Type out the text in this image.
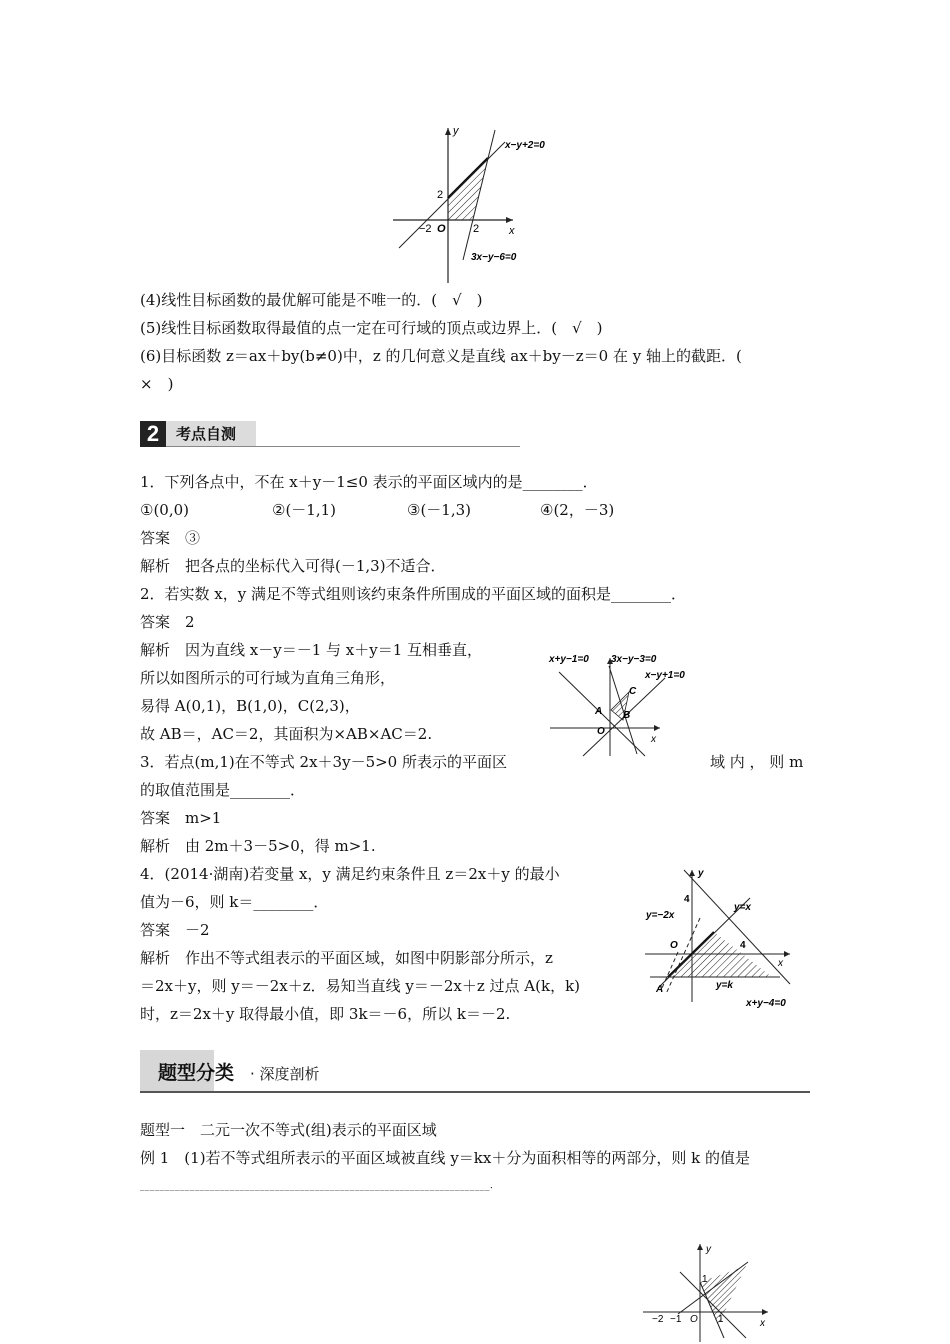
y
x
x−y+2=0
3x−y−6=0
2
−2 O 2
(4)线性目标函数的最优解可能是不唯一的．(　√　)
(5)线性目标函数取得最值的点一定在可行域的顶点或边界上．(　√　)
(6)目标函数 z＝ax＋by(b≠0)中，z 的几何意义是直线 ax＋by－z＝0 在 y 轴上的截距．(
×　)
2	考点自测
1．下列各点中，不在 x＋y－1≤0 表示的平面区域内的是________．
①(0,0)	②(－1,1)	③(－1,3)	④(2，－3)
答案　③
解析　把各点的坐标代入可得(－1,3)不适合．
2．若实数 x，y 满足不等式组则该约束条件所围成的平面区域的面积是________．
答案　2
解析　因为直线 x－y＝－1 与 x＋y＝1 互相垂直，
所以如图所示的可行域为直角三角形，
易得 A(0,1)，B(1,0)，C(2,3)，
故 AB＝，AC＝2，其面积为×AB×AC＝2.
x+y−1=0 3x−y−3=0
x−y+1=0
C
A B
O
x
3．若点(m,1)在不等式 2x＋3y－5>0 所表示的平面区	域 内 ， 则 m
的取值范围是________．
答案　m>1
解析　由 2m＋3－5>0，得 m>1.
4．(2014·湖南)若变量 x，y 满足约束条件且 z＝2x＋y 的最小
值为－6，则 k＝________．
答案　－2
解析　作出不等式组表示的平面区域，如图中阴影部分所示，z
＝2x＋y，则 y＝－2x＋z．易知当直线 y＝－2x＋z 过点 A(k，k)
时，z＝2x＋y 取得最小值，即 3k＝－6，所以 k＝－2.
y
y=−2x
y=x
O
4
4
x
y=k
A
x+y−4=0
题型分类 · 深度剖析
题型一　二元一次不等式(组)表示的平面区域
例 1　(1)若不等式组所表示的平面区域被直线 y＝kx＋分为面积相等的两部分，则 k 的值是
______________________________________________________________________．
y
x
1
−2 −1 O 1
